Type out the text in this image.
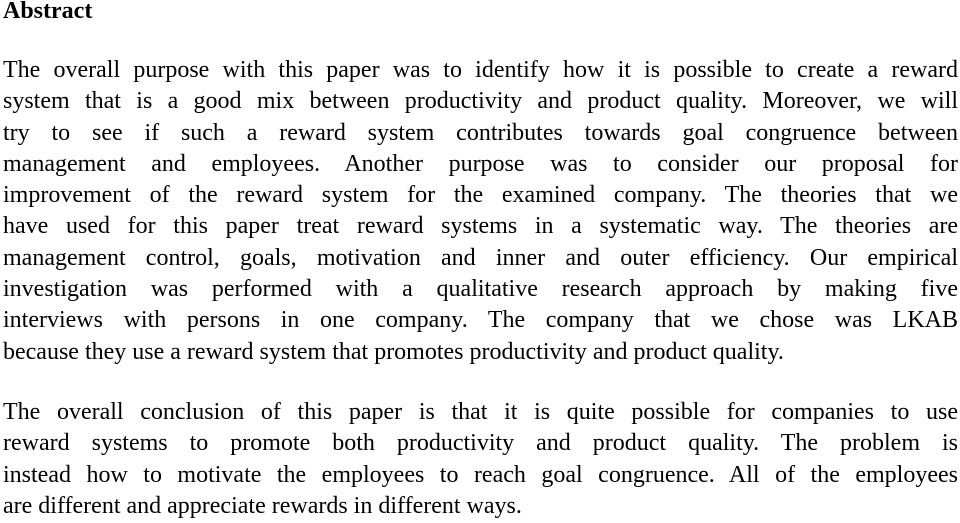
Abstract

The overall purpose with this paper was to identify how it is possible to create a reward
system that is a good mix between productivity and product quality. Moreover, we will
try to see if such a reward system contributes towards goal congruence between
management and employees. Another purpose was to consider our proposal for
improvement of the reward system for the examined company. The theories that we
have used for this paper treat reward systems in a systematic way. The theories are
management control, goals, motivation and inner and outer efficiency. Our empirical
investigation was performed with a qualitative research approach by making five
interviews with persons in one company. The company that we chose was LKAB
because they use a reward system that promotes productivity and product quality.

The overall conclusion of this paper is that it is quite possible for companies to use
reward systems to promote both productivity and product quality. The problem is
instead how to motivate the employees to reach goal congruence. All of the employees
are different and appreciate rewards in different ways.
